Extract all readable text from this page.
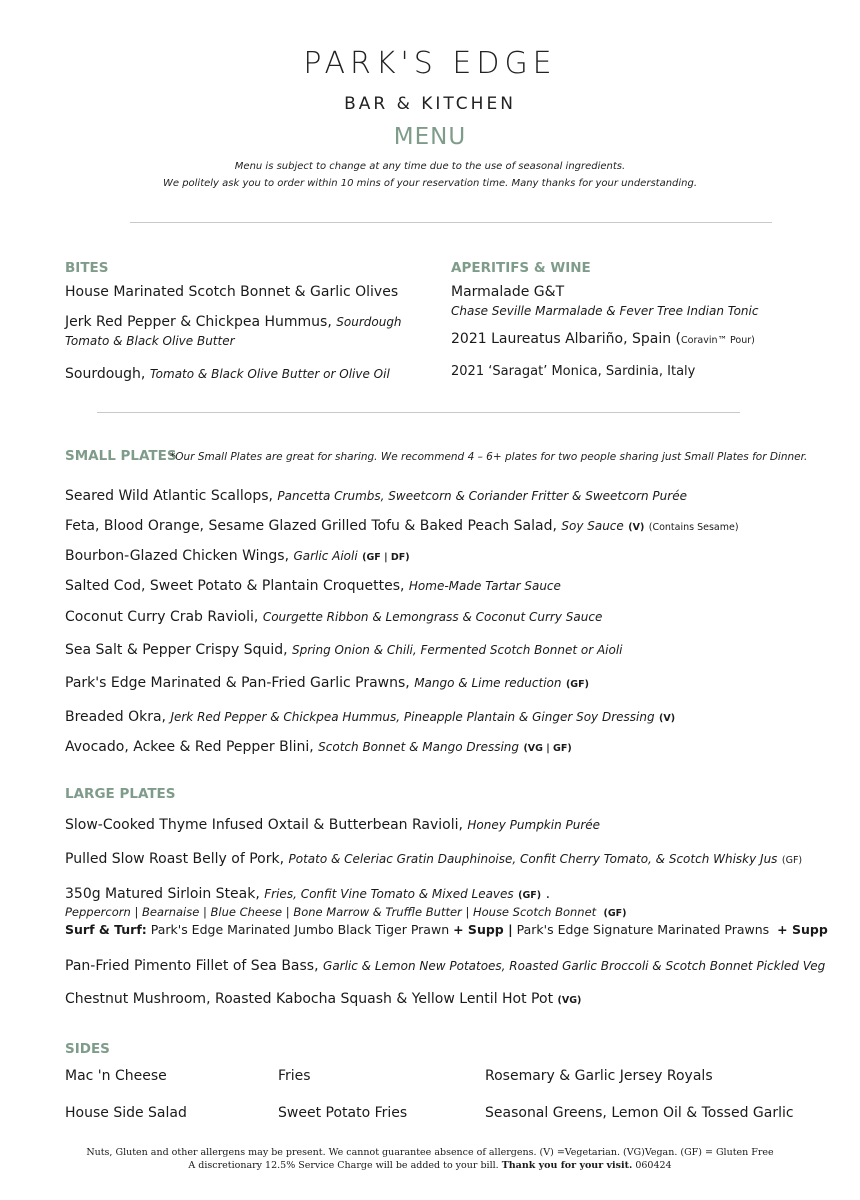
PARK'S EDGE
BAR & KITCHEN
MENU
Menu is subject to change at any time due to the use of seasonal ingredients.
We politely ask you to order within 10 mins of your reservation time. Many thanks for your understanding.
BITES
House Marinated Scotch Bonnet & Garlic Olives
Jerk Red Pepper & Chickpea Hummus, Sourdough
Tomato & Black Olive Butter
Sourdough, Tomato & Black Olive Butter or Olive Oil
APERITIFS & WINE
Marmalade G&T
Chase Seville Marmalade & Fever Tree Indian Tonic
2021 Laureatus Albariño, Spain (Coravin™ Pour)
2021 ‘Saragat’ Monica, Sardinia, Italy
SMALL PLATES
*Our Small Plates are great for sharing. We recommend 4 – 6+ plates for two people sharing just Small Plates for Dinner.
Seared Wild Atlantic Scallops, Pancetta Crumbs, Sweetcorn & Coriander Fritter & Sweetcorn Purée
Feta, Blood Orange, Sesame Glazed Grilled Tofu & Baked Peach Salad, Soy Sauce (V) (Contains Sesame)
Bourbon-Glazed Chicken Wings, Garlic Aioli (GF | DF)
Salted Cod, Sweet Potato & Plantain Croquettes, Home-Made Tartar Sauce
Coconut Curry Crab Ravioli, Courgette Ribbon & Lemongrass & Coconut Curry Sauce
Sea Salt & Pepper Crispy Squid, Spring Onion & Chili, Fermented Scotch Bonnet or Aioli
Park's Edge Marinated & Pan-Fried Garlic Prawns, Mango & Lime reduction (GF)
Breaded Okra, Jerk Red Pepper & Chickpea Hummus, Pineapple Plantain & Ginger Soy Dressing (V)
Avocado, Ackee & Red Pepper Blini, Scotch Bonnet & Mango Dressing (VG | GF)
LARGE PLATES
Slow-Cooked Thyme Infused Oxtail & Butterbean Ravioli, Honey Pumpkin Purée
Pulled Slow Roast Belly of Pork, Potato & Celeriac Gratin Dauphinoise, Confit Cherry Tomato, & Scotch Whisky Jus (GF)
350g Matured Sirloin Steak, Fries, Confit Vine Tomato & Mixed Leaves (GF) .
Peppercorn | Bearnaise | Blue Cheese | Bone Marrow & Truffle Butter | House Scotch Bonnet (GF)
Surf & Turf: Park's Edge Marinated Jumbo Black Tiger Prawn + Supp | Park's Edge Signature Marinated Prawns + Supp
Pan-Fried Pimento Fillet of Sea Bass, Garlic & Lemon New Potatoes, Roasted Garlic Broccoli & Scotch Bonnet Pickled Veg
Chestnut Mushroom, Roasted Kabocha Squash & Yellow Lentil Hot Pot (VG)
SIDES
Mac 'n Cheese	Fries	Rosemary & Garlic Jersey Royals
House Side Salad	Sweet Potato Fries	Seasonal Greens, Lemon Oil & Tossed Garlic
Nuts, Gluten and other allergens may be present. We cannot guarantee absence of allergens. (V) =Vegetarian. (VG)Vegan. (GF) = Gluten Free
A discretionary 12.5% Service Charge will be added to your bill. Thank you for your visit. 060424
